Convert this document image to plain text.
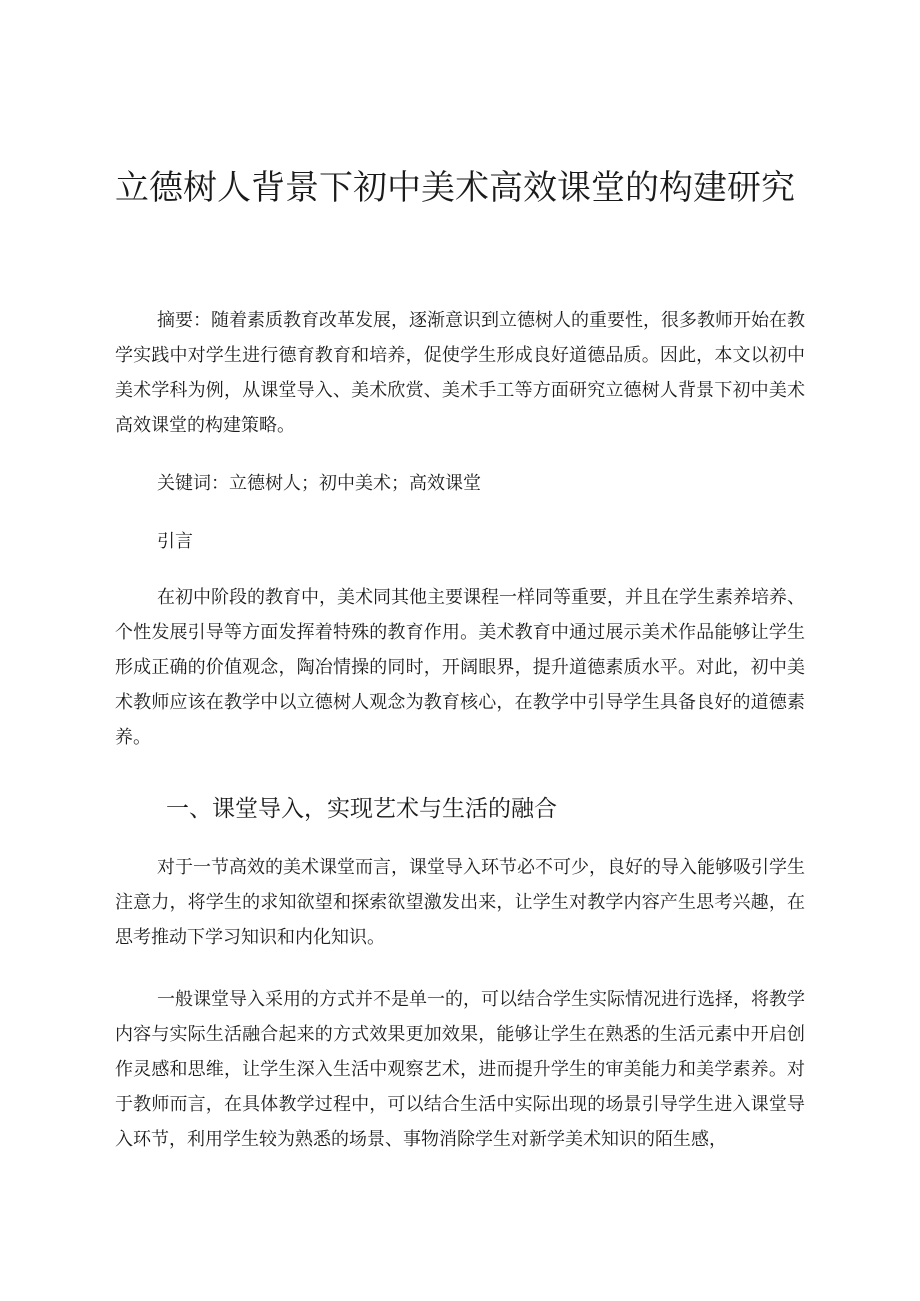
立德树人背景下初中美术高效课堂的构建研究

摘要：随着素质教育改革发展，逐渐意识到立德树人的重要性，很多教师开始在教学实践中对学生进行德育教育和培养，促使学生形成良好道德品质。因此，本文以初中美术学科为例，从课堂导入、美术欣赏、美术手工等方面研究立德树人背景下初中美术高效课堂的构建策略。

关键词：立德树人；初中美术；高效课堂

引言

在初中阶段的教育中，美术同其他主要课程一样同等重要，并且在学生素养培养、个性发展引导等方面发挥着特殊的教育作用。美术教育中通过展示美术作品能够让学生形成正确的价值观念，陶冶情操的同时，开阔眼界，提升道德素质水平。对此，初中美术教师应该在教学中以立德树人观念为教育核心，在教学中引导学生具备良好的道德素养。

一、课堂导入，实现艺术与生活的融合

对于一节高效的美术课堂而言，课堂导入环节必不可少，良好的导入能够吸引学生注意力，将学生的求知欲望和探索欲望激发出来，让学生对教学内容产生思考兴趣，在思考推动下学习知识和内化知识。

一般课堂导入采用的方式并不是单一的，可以结合学生实际情况进行选择，将教学内容与实际生活融合起来的方式效果更加效果，能够让学生在熟悉的生活元素中开启创作灵感和思维，让学生深入生活中观察艺术，进而提升学生的审美能力和美学素养。对于教师而言，在具体教学过程中，可以结合生活中实际出现的场景引导学生进入课堂导入环节，利用学生较为熟悉的场景、事物消除学生对新学美术知识的陌生感，
